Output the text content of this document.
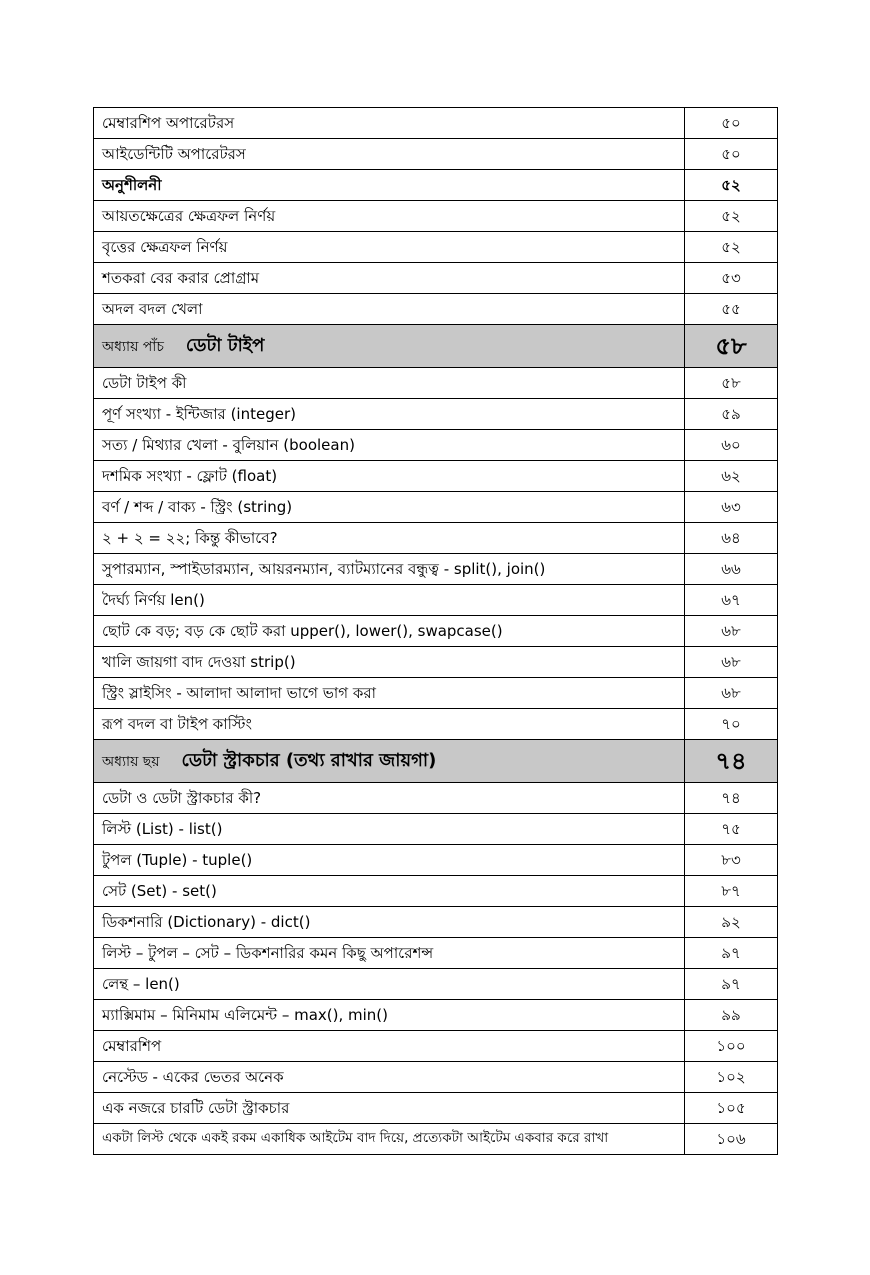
মেম্বারশিপ অপারেটরস	৫০
আইডেন্টিটি অপারেটরস	৫০
অনুশীলনী	৫২
আয়তক্ষেত্রের ক্ষেত্রফল নির্ণয়	৫২
বৃত্তের ক্ষেত্রফল নির্ণয়	৫২
শতকরা বের করার প্রোগ্রাম	৫৩
অদল বদল খেলা	৫৫
অধ্যায় পাঁচ ডেটা টাইপ	৫৮
ডেটা টাইপ কী	৫৮
পূর্ণ সংখ্যা - ইন্টিজার (integer)	৫৯
সত্য / মিথ্যার খেলা - বুলিয়ান (boolean)	৬০
দশমিক সংখ্যা - ফ্লোট (float)	৬২
বর্ণ / শব্দ / বাক্য - স্ট্রিং (string)	৬৩
২ + ২ = ২২; কিন্তু কীভাবে?	৬৪
সুপারম্যান, স্পাইডারম্যান, আয়রনম্যান, ব্যাটম্যানের বন্ধুত্ব - split(), join()	৬৬
দৈর্ঘ্য নির্ণয় len()	৬৭
ছোট কে বড়; বড় কে ছোট করা upper(), lower(), swapcase()	৬৮
খালি জায়গা বাদ দেওয়া strip()	৬৮
স্ট্রিং স্লাইসিং - আলাদা আলাদা ভাগে ভাগ করা	৬৮
রূপ বদল বা টাইপ কাস্টিং	৭০
অধ্যায় ছয় ডেটা স্ট্রাকচার (তথ্য রাখার জায়গা)	৭৪
ডেটা ও ডেটা স্ট্রাকচার কী?	৭৪
লিস্ট (List) - list()	৭৫
টুপল (Tuple) - tuple()	৮৩
সেট (Set) - set()	৮৭
ডিকশনারি (Dictionary) - dict()	৯২
লিস্ট – টুপল – সেট – ডিকশনারির কমন কিছু অপারেশন্স	৯৭
লেন্থ – len()	৯৭
ম্যাক্সিমাম – মিনিমাম এলিমেন্ট – max(), min()	৯৯
মেম্বারশিপ	১০০
নেস্টেড - একের ভেতর অনেক	১০২
এক নজরে চারটি ডেটা স্ট্রাকচার	১০৫
একটা লিস্ট থেকে একই রকম একাধিক আইটেম বাদ দিয়ে, প্রত্যেকটা আইটেম একবার করে রাখা	১০৬
